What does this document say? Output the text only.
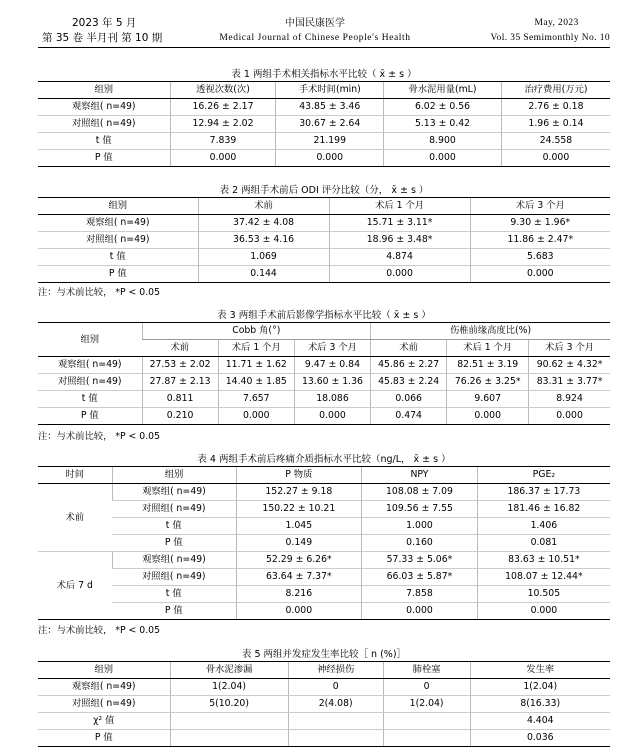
2023 年 5 月
第 35 卷 半月刊 第 10 期
中国民康医学
Medical Journal of Chinese People's Health
May, 2023
Vol. 35 Semimonthly No. 10
表 1 两组手术相关指标水平比较（ x̄ ± s ）
组别	透视次数(次)	手术时间(min)	骨水泥用量(mL)	治疗费用(万元)
观察组( n=49)	16.26 ± 2.17	43.85 ± 3.46	6.02 ± 0.56	2.76 ± 0.18
对照组( n=49)	12.94 ± 2.02	30.67 ± 2.64	5.13 ± 0.42	1.96 ± 0.14
t 值	7.839	21.199	8.900	24.558
P 值	0.000	0.000	0.000	0.000
表 2 两组手术前后 ODI 评分比较（分， x̄ ± s ）
组别	术前	术后 1 个月	术后 3 个月
观察组( n=49)	37.42 ± 4.08	15.71 ± 3.11*	9.30 ± 1.96*
对照组( n=49)	36.53 ± 4.16	18.96 ± 3.48*	11.86 ± 2.47*
t 值	1.069	4.874	5.683
P 值	0.144	0.000	0.000
注：与术前比较， *P < 0.05
表 3 两组手术前后影像学指标水平比较（ x̄ ± s ）
组别	Cobb 角(°)			伤椎前缘高度比(%)		
	术前	术后 1 个月	术后 3 个月	术前	术后 1 个月	术后 3 个月
观察组( n=49)	27.53 ± 2.02	11.71 ± 1.62	9.47 ± 0.84	45.86 ± 2.27	82.51 ± 3.19	90.62 ± 4.32*
对照组( n=49)	27.87 ± 2.13	14.40 ± 1.85	13.60 ± 1.36	45.83 ± 2.24	76.26 ± 3.25*	83.31 ± 3.77*
t 值	0.811	7.657	18.086	0.066	9.607	8.924
P 值	0.210	0.000	0.000	0.474	0.000	0.000
注：与术前比较， *P < 0.05
表 4 两组手术前后疼痛介质指标水平比较（ng/L， x̄ ± s ）
时间	组别	P 物质	NPY	PGE₂
术前	观察组( n=49)	152.27 ± 9.18	108.08 ± 7.09	186.37 ± 17.73
	对照组( n=49)	150.22 ± 10.21	109.56 ± 7.55	181.46 ± 16.82
	t 值	1.045	1.000	1.406
	P 值	0.149	0.160	0.081
术后 7 d	观察组( n=49)	52.29 ± 6.26*	57.33 ± 5.06*	83.63 ± 10.51*
	对照组( n=49)	63.64 ± 7.37*	66.03 ± 5.87*	108.07 ± 12.44*
	t 值	8.216	7.858	10.505
	P 值	0.000	0.000	0.000
注：与术前比较， *P < 0.05
表 5 两组并发症发生率比较［ n (%)］
组别	骨水泥渗漏	神经损伤	肺栓塞	发生率
观察组( n=49)	1(2.04)	0	0	1(2.04)
对照组( n=49)	5(10.20)	2(4.08)	1(2.04)	8(16.33)
χ² 值				4.404
P 值				0.036
